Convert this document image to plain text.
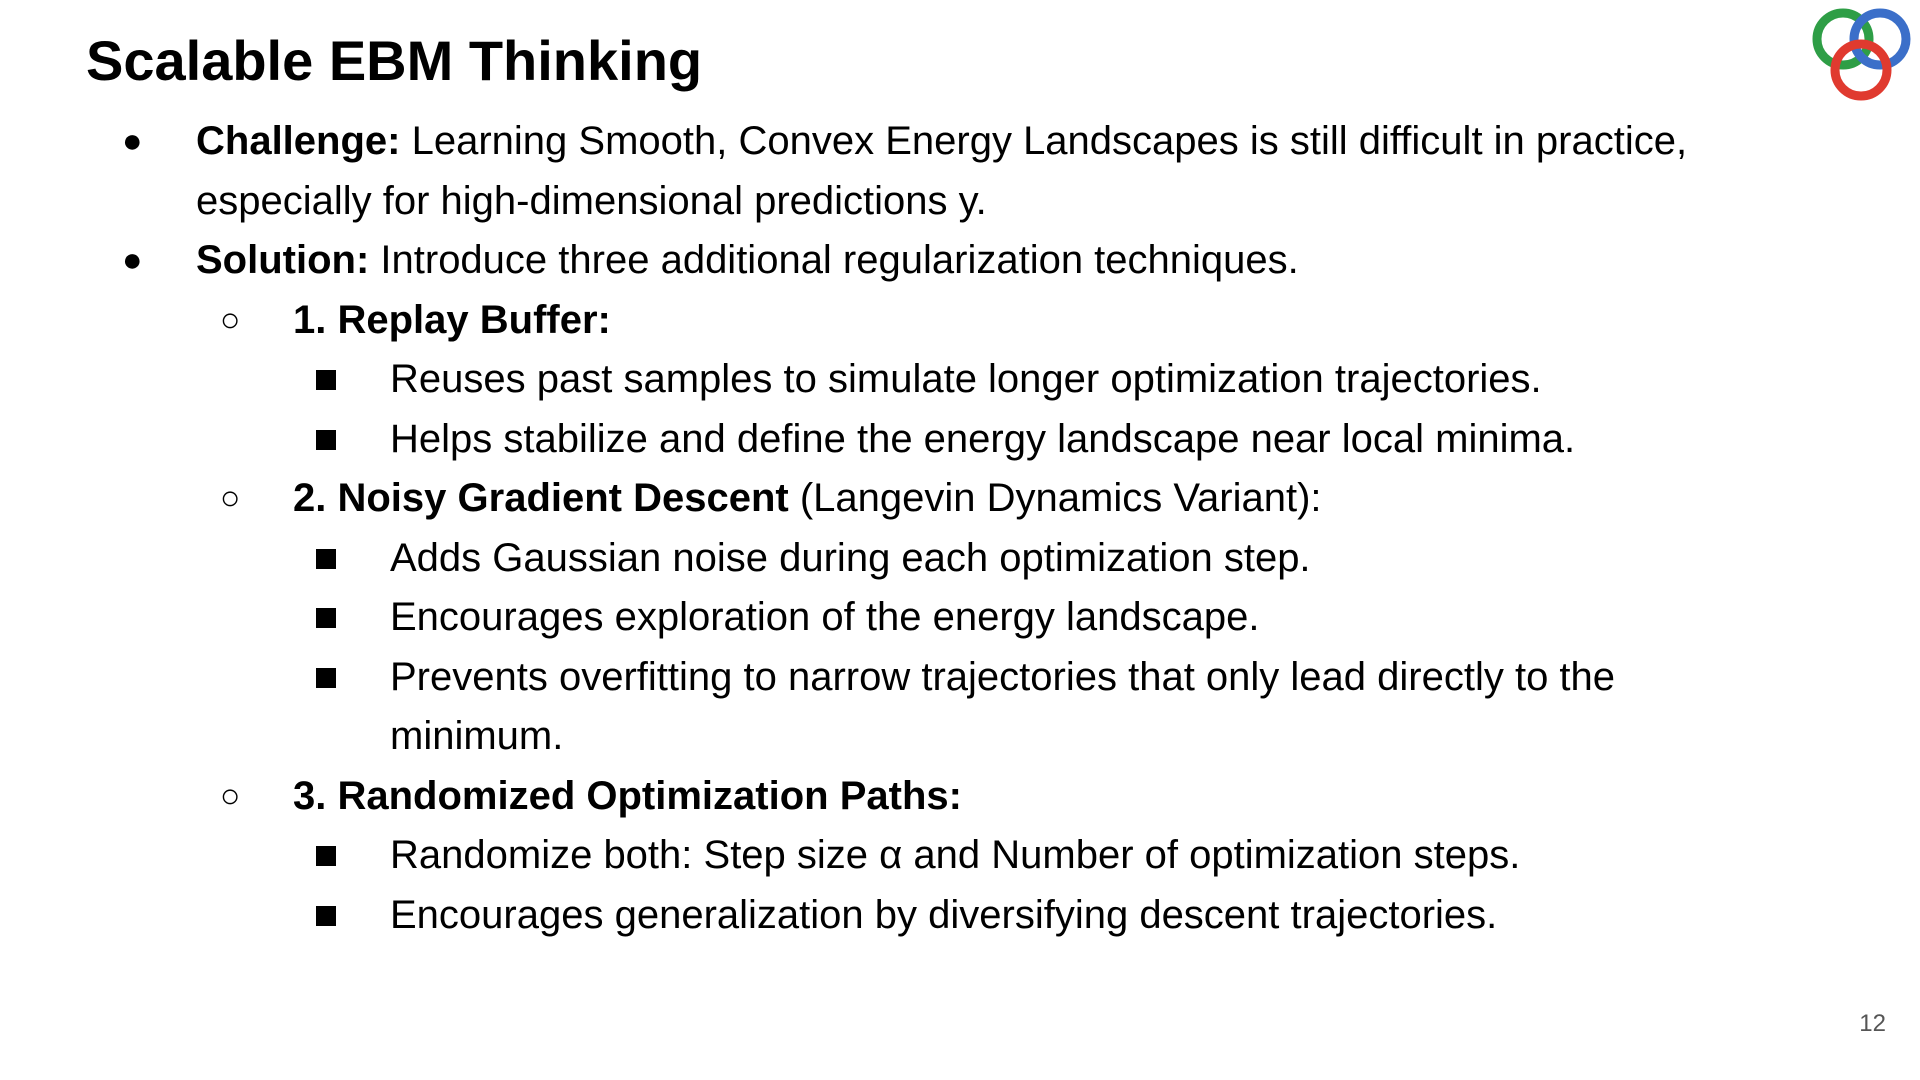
Scalable EBM Thinking
● Challenge: Learning Smooth, Convex Energy Landscapes is still difficult in practice,
especially for high-dimensional predictions y.
● Solution: Introduce three additional regularization techniques.
○ 1. Replay Buffer:
Reuses past samples to simulate longer optimization trajectories.
Helps stabilize and define the energy landscape near local minima.
○ 2. Noisy Gradient Descent (Langevin Dynamics Variant):
Adds Gaussian noise during each optimization step.
Encourages exploration of the energy landscape.
Prevents overfitting to narrow trajectories that only lead directly to the
minimum.
○ 3. Randomized Optimization Paths:
Randomize both: Step size α and Number of optimization steps.
Encourages generalization by diversifying descent trajectories.
12
